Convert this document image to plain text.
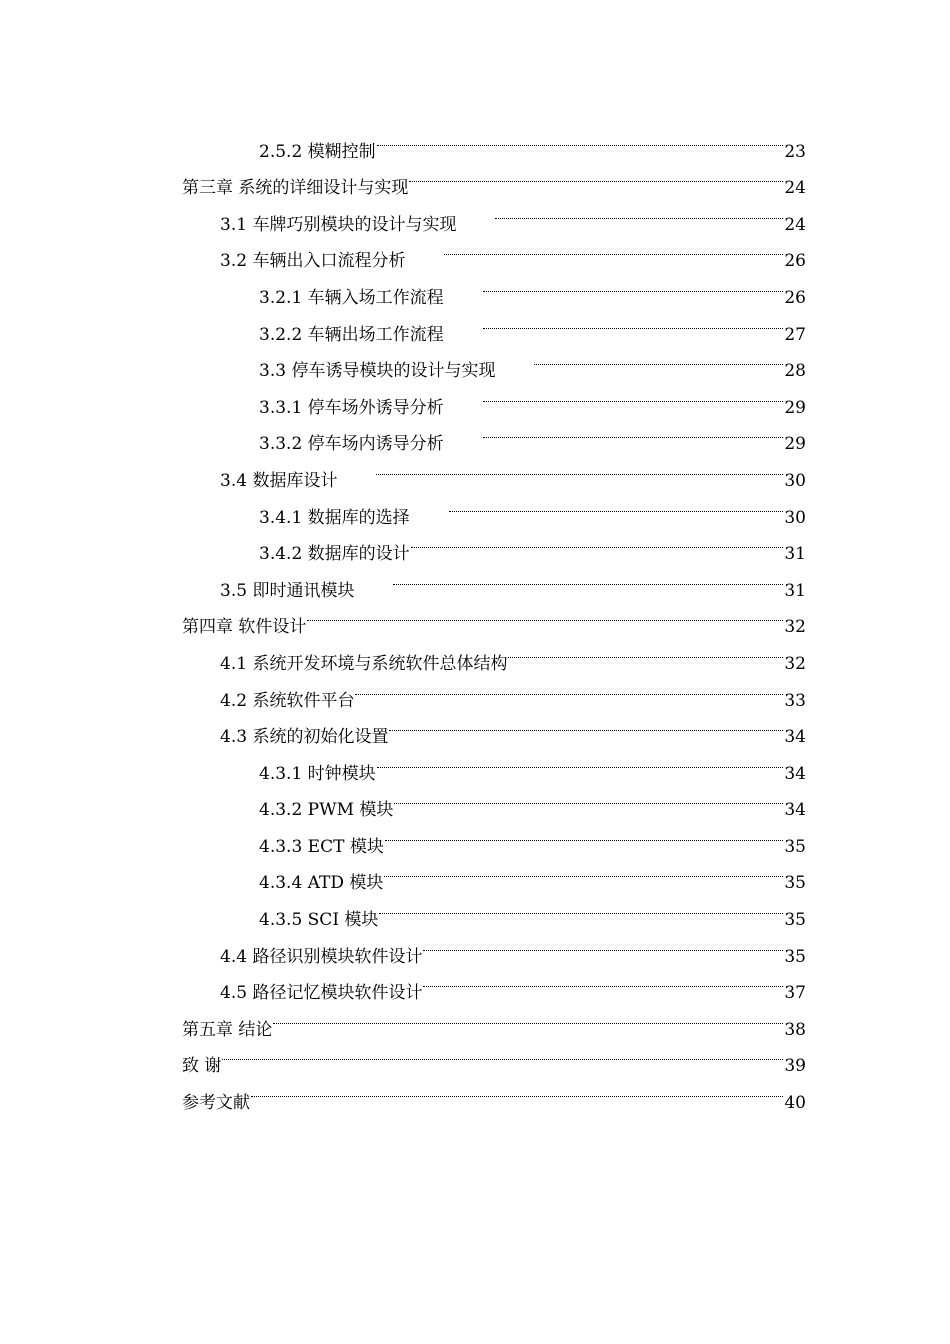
2.5.2 模糊控制	23
第三章 系统的详细设计与实现	24
3.1 车牌巧别模块的设计与实现	24
3.2 车辆出入口流程分析	26
3.2.1 车辆入场工作流程	26
3.2.2 车辆出场工作流程	27
3.3 停车诱导模块的设计与实现	28
3.3.1 停车场外诱导分析	29
3.3.2 停车场内诱导分析	29
3.4 数据库设计	30
3.4.1 数据库的选择	30
3.4.2 数据库的设计	31
3.5 即时通讯模块	31
第四章 软件设计	32
4.1 系统开发环境与系统软件总体结构	32
4.2 系统软件平台	33
4.3 系统的初始化设置	34
4.3.1 时钟模块	34
4.3.2 PWM 模块	34
4.3.3 ECT 模块	35
4.3.4 ATD 模块	35
4.3.5 SCI 模块	35
4.4 路径识别模块软件设计	35
4.5 路径记忆模块软件设计	37
第五章 结论	38
致 谢	39
参考文献	40
